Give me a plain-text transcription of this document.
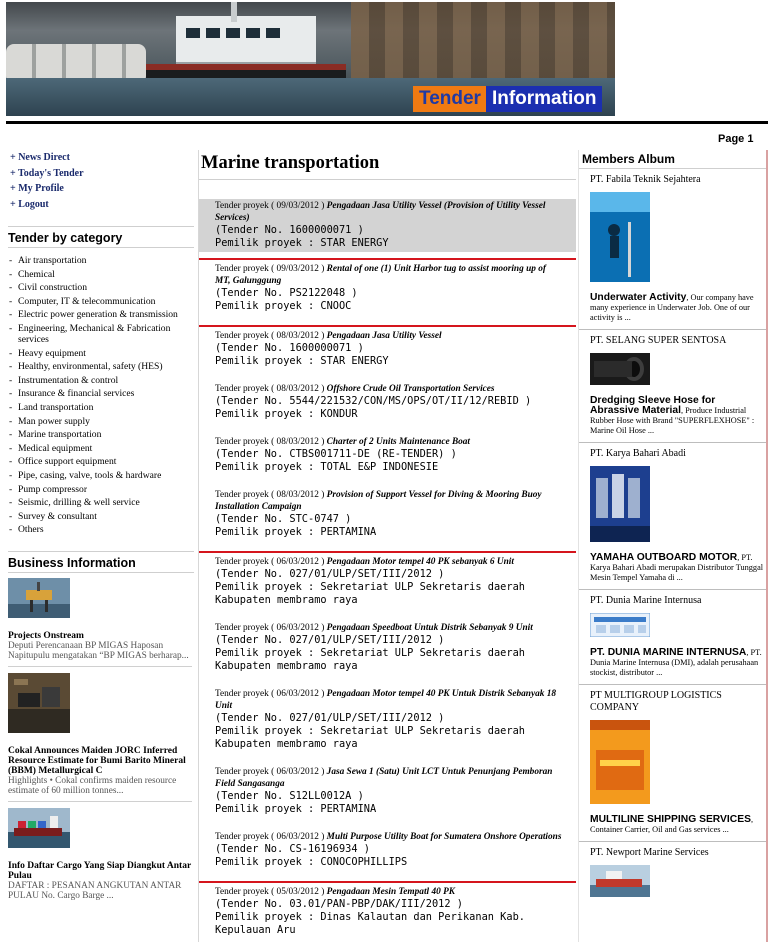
Tender Information
Page 1
+ News Direct
+ Today's Tender
+ My Profile
+ Logout
Tender by category
- Air transportation
- Chemical
- Civil construction
- Computer, IT & telecommunication
- Electric power generation & transmission
- Engineering, Mechanical & Fabrication services
- Heavy equipment
- Healthy, environmental, safety (HES)
- Instrumentation & control
- Insurance & financial services
- Land transportation
- Man power supply
- Marine transportation
- Medical equipment
- Office support equipment
- Pipe, casing, valve, tools & hardware
- Pump compressor
- Seismic, drilling & well service
- Survey & consultant
- Others
Business Information
Projects Onstream
Deputi Perencanaan BP MIGAS Haposan Napitupulu mengatakan “BP MIGAS berharap...
Cokal Announces Maiden JORC Inferred Resource Estimate for Bumi Barito Mineral (BBM) Metallurgical C
Highlights • Cokal confirms maiden resource estimate of 60 million tonnes...
Info Daftar Cargo Yang Siap Diangkut Antar Pulau
DAFTAR : PESANAN ANGKUTAN ANTAR PULAU No. Cargo Barge ...
Marine transportation
Tender proyek ( 09/03/2012 ) Pengadaan Jasa Utility Vessel (Provision of Utility Vessel Services)
(Tender No. 1600000071 )
Pemilik proyek : STAR ENERGY
Tender proyek ( 09/03/2012 ) Rental of one (1) Unit Harbor tug to assist mooring up of MT, Galunggung
(Tender No. PS2122048 )
Pemilik proyek : CNOOC
Tender proyek ( 08/03/2012 ) Pengadaan Jasa Utility Vessel
(Tender No. 1600000071 )
Pemilik proyek : STAR ENERGY
Tender proyek ( 08/03/2012 ) Offshore Crude Oil Transportation Services
(Tender No. 5544/221532/CON/MS/OPS/OT/II/12/REBID )
Pemilik proyek : KONDUR
Tender proyek ( 08/03/2012 ) Charter of 2 Units Maintenance Boat
(Tender No. CTBS001711-DE (RE-TENDER) )
Pemilik proyek : TOTAL E&P INDONESIE
Tender proyek ( 08/03/2012 ) Provision of Support Vessel for Diving & Mooring Buoy Installation Campaign
(Tender No. STC-0747 )
Pemilik proyek : PERTAMINA
Tender proyek ( 06/03/2012 ) Pengadaan Motor tempel 40 PK sebanyak 6 Unit
(Tender No. 027/01/ULP/SET/III/2012 )
Pemilik proyek : Sekretariat ULP Sekretaris daerah Kabupaten membramo raya
Tender proyek ( 06/03/2012 ) Pengadaan Speedboat Untuk Distrik Sebanyak 9 Unit
(Tender No. 027/01/ULP/SET/III/2012 )
Pemilik proyek : Sekretariat ULP Sekretaris daerah Kabupaten membramo raya
Tender proyek ( 06/03/2012 ) Pengadaan Motor tempel 40 PK Untuk Distrik Sebanyak 18 Unit
(Tender No. 027/01/ULP/SET/III/2012 )
Pemilik proyek : Sekretariat ULP Sekretaris daerah Kabupaten membramo raya
Tender proyek ( 06/03/2012 ) Jasa Sewa 1 (Satu) Unit LCT Untuk Penunjang Pemboran Field Sangasanga
(Tender No. S12LL0012A )
Pemilik proyek : PERTAMINA
Tender proyek ( 06/03/2012 ) Multi Purpose Utility Boat for Sumatera Onshore Operations
(Tender No. CS-16196934 )
Pemilik proyek : CONOCOPHILLIPS
Tender proyek ( 05/03/2012 ) Pengadaan Mesin Tempatl 40 PK
(Tender No. 03.01/PAN-PBP/DAK/III/2012 )
Pemilik proyek : Dinas Kalautan dan Perikanan Kab. Kepulauan Aru
Members Album
PT. Fabila Teknik Sejahtera
Underwater Activity, Our company have many experience in Underwater Job. One of our activity is ...
PT. SELANG SUPER SENTOSA
Dredging Sleeve Hose for Abrassive Material, Produce Industrial Rubber Hose with Brand "SUPERFLEXHOSE" : Marine Oil Hose ...
PT. Karya Bahari Abadi
YAMAHA OUTBOARD MOTOR, PT. Karya Bahari Abadi merupakan Distributor Tunggal Mesin Tempel Yamaha di ...
PT. Dunia Marine Internusa
PT. DUNIA MARINE INTERNUSA, PT. Dunia Marine Internusa (DMI), adalah perusahaan stockist, distributor ...
PT MULTIGROUP LOGISTICS COMPANY
MULTILINE SHIPPING SERVICES, Container Carrier, Oil and Gas services ...
PT. Newport Marine Services
